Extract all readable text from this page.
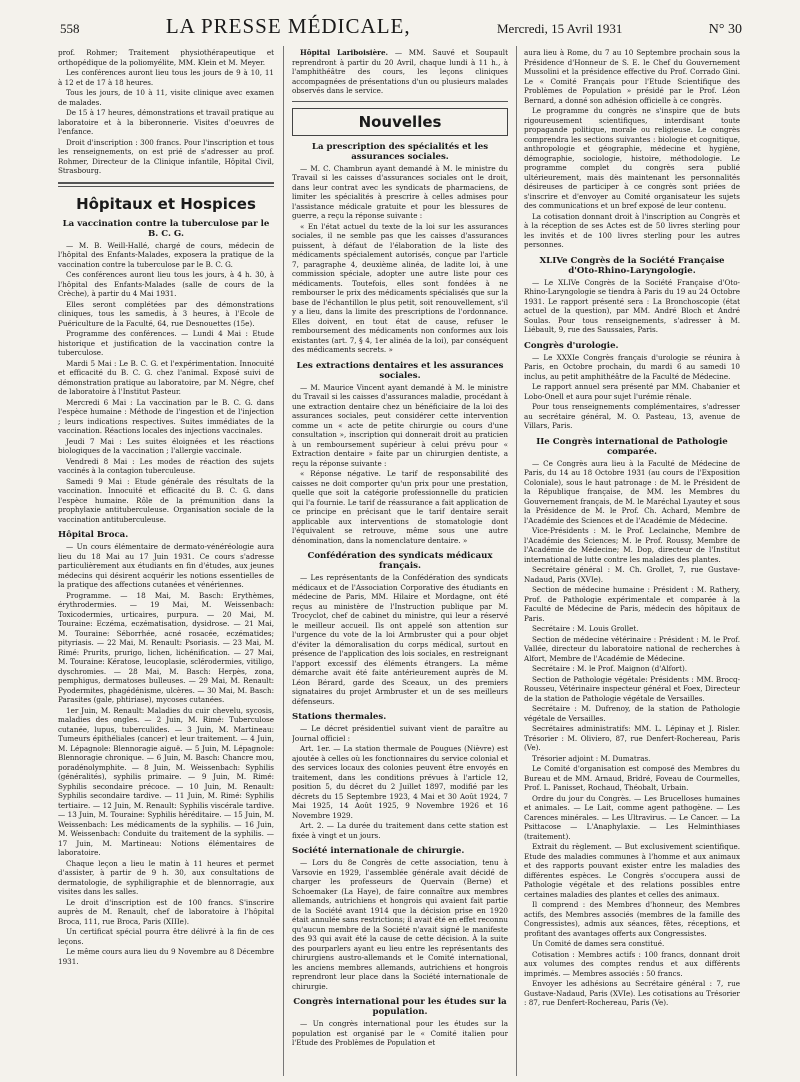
558	LA PRESSE MÉDICALE,	Mercredi, 15 Avril 1931	N° 30

prof. Rohmer; Traitement physiothérapeutique et orthopédique de la poliomyélite, MM. Klein et M. Meyer.

Les conférences auront lieu tous les jours de 9 à 10, 11 à 12 et de 17 à 18 heures.

Tous les jours, de 10 à 11, visite clinique avec examen de malades.

De 15 à 17 heures, démonstrations et travail pratique au laboratoire et à la biberonnerie. Visites d'oeuvres de l'enfance.

Droit d'inscription : 300 francs. Pour l'inscription et tous les renseignements, on est prié de s'adresser au prof. Rohmer, Directeur de la Clinique infantile, Hôpital Civil, Strasbourg.

Hôpitaux et Hospices
La vaccination contre la tuberculose par le B. C. G.

— M. B. Weill-Hallé, chargé de cours, médecin de l'hôpital des Enfants-Malades, exposera la pratique de la vaccination contre la tuberculose par le B. C. G.

Ces conférences auront lieu tous les jours, à 4 h. 30, à l'hôpital des Enfants-Malades (salle de cours de la Crèche), à partir du 4 Mai 1931.

Elles seront complétées par des démonstrations cliniques, tous les samedis, à 3 heures, à l'Ecole de Puériculture de la Faculté, 64, rue Desnouettes (15e).

Programme des conférences. — Lundi 4 Mai : Etude historique et justification de la vaccination contre la tuberculose.

Mardi 5 Mai : Le B. C. G. et l'expérimentation. Innocuité et efficacité du B. C. G. chez l'animal. Exposé suivi de démonstration pratique au laboratoire, par M. Négre, chef de laboratoire à l'Institut Pasteur.

Mercredi 6 Mai : La vaccination par le B. C. G. dans l'espèce humaine : Méthode de l'ingestion et de l'injection ; leurs indications respectives. Suites immédiates de la vaccination. Réactions locales des injections vaccinales.

Jeudi 7 Mai : Les suites éloignées et les réactions biologiques de la vaccination ; l'allergie vaccinale.

Vendredi 8 Mai : Les modes de réaction des sujets vaccinés à la contagion tuberculeuse.

Samedi 9 Mai : Etude générale des résultats de la vaccination. Innocuité et efficacité du B. C. G. dans l'espèce humaine. Rôle de la prémunition dans la prophylaxie antituberculeuse. Organisation sociale de la vaccination antituberculeuse.

Hôpital Broca.

— Un cours élémentaire de dermato-vénéréologie aura lieu du 18 Mai au 17 Juin 1931. Ce cours s'adresse particulièrement aux étudiants en fin d'études, aux jeunes médecins qui désirent acquérir les notions essentielles de la pratique des affections cutanées et vénériennes.

Programme. — 18 Mai, M. Basch: Erythèmes, érythrodermies. — 19 Mai, M. Weissenbach: Toxicodermies, urticaires, purpura. — 20 Mai, M. Touraine: Eczéma, eczématisation, dysidrose. — 21 Mai, M. Touraine: Séborrhée, acné rosacée, eczématides; pityriasis. — 22 Mai, M. Renault: Psoriasis. — 23 Mai, M. Rimé: Prurits, prurigo, lichen, lichénification. — 27 Mai, M. Touraine: Kératose, leucoplasie, sclérodermies, vitiligo, dyschromies. — 28 Mai, M. Basch: Herpès, zona, pemphigus, dermatoses bulleuses. — 29 Mai, M. Renault: Pyodermites, phagédénisme, ulcères. — 30 Mai, M. Basch: Parasites (gale, phtiriase), mycoses cutanées.

1er Juin, M. Renault: Maladies du cuir chevelu, sycosis, maladies des ongles. — 2 Juin, M. Rimé: Tuberculose cutanée, lupus, tuberculides. — 3 Juin, M. Martineau: Tumeurs épithéliales (cancer) et leur traitement. — 4 Juin, M. Lépagnole: Blennoragie aiguë. — 5 Juin, M. Lépagnole: Blennoragie chronique. — 6 Juin, M. Basch: Chancre mou, poradénolymphite. — 8 Juin, M. Weissenbach: Syphilis (généralités), syphilis primaire. — 9 Juin, M. Rimé: Syphilis secondaire précoce. — 10 Juin, M. Renault: Syphilis secondaire tardive. — 11 Juin, M. Rimé: Syphilis tertiaire. — 12 Juin, M. Renault: Syphilis viscérale tardive. — 13 Juin, M. Touraine: Syphilis héréditaire. — 15 Juin, M. Weissenbach: Les médicaments de la syphilis. — 16 Juin, M. Weissenbach: Conduite du traitement de la syphilis. — 17 Juin, M. Martineau: Notions élémentaires de laboratoire.

Chaque leçon a lieu le matin à 11 heures et permet d'assister, à partir de 9 h. 30, aux consultations de dermatologie, de syphiligraphie et de blennorragie, aux visites dans les salles.

Le droit d'inscription est de 100 francs. S'inscrire auprès de M. Renault, chef de laboratoire à l'hôpital Broca, 111, rue Broca, Paris (XIIIe).

Un certificat spécial pourra être délivré à la fin de ces leçons.

Le même cours aura lieu du 9 Novembre au 8 Décembre 1931.

Hôpital Lariboisière. — MM. Sauvé et Soupault reprendront à partir du 20 Avril, chaque lundi à 11 h., à l'amphithéâtre des cours, les leçons cliniques accompagnées de présentations d'un ou plusieurs malades observés dans le service.

Nouvelles
La prescription des spécialités et les assurances sociales.

— M. C. Chambrun ayant demandé à M. le ministre du Travail si les caisses d'assurances sociales ont le droit, dans leur contrat avec les syndicats de pharmaciens, de limiter les spécialités à prescrire à celles admises pour l'assistance médicale gratuite et pour les blessures de guerre, a reçu la réponse suivante :

« En l'état actuel du texte de la loi sur les assurances sociales, il ne semble pas que les caisses d'assurances puissent, à défaut de l'élaboration de la liste des médicaments spécialement autorisés, conçue par l'article 7, paragraphe 4, deuxième alinéa, de ladite loi, à une commission spéciale, adopter une autre liste pour ces médicaments. Toutefois, elles sont fondées à ne rembourser le prix des médicaments spécialisés que sur la base de l'échantillon le plus petit, soit renouvellement, s'il y a lieu, dans la limite des prescriptions de l'ordonnance. Elles doivent, en tout état de cause, refuser le remboursement des médicaments non conformes aux lois existantes (art. 7, § 4, 1er alinéa de la loi), par conséquent des médicaments secrets. »

Les extractions dentaires et les assurances sociales.

— M. Maurice Vincent ayant demandé à M. le ministre du Travail si les caisses d'assurances maladie, procédant à une extraction dentaire chez un bénéficiaire de la loi des assurances sociales, peut considérer cette intervention comme un « acte de petite chirurgie ou cours d'une consultation », inscription qui donnerait droit au praticien à un remboursement supérieur à celui prévu pour « Extraction dentaire » faite par un chirurgien dentiste, a reçu la réponse suivante :

« Réponse négative. Le tarif de responsabilité des caisses ne doit comporter qu'un prix pour une prestation, quelle que soit la catégorie professionnelle du praticien qui l'a fournie. Le tarif de réassurance a fait application de ce principe en précisant que le tarif dentaire serait applicable aux interventions de stomatologie dont l'équivalent se retrouve, même sous une autre dénomination, dans la nomenclature dentaire. »

Confédération des syndicats médicaux français.

— Les représentants de la Confédération des syndicats médicaux et de l'Association Corporative des étudiants en médecine de Paris, MM. Hilaire et Mordagne, ont été reçus au ministère de l'Instruction publique par M. Trocyclot, chef de cabinet du ministre, qui leur a réservé le meilleur accueil. Ils ont appelé son attention sur l'urgence du vote de la loi Armbruster qui a pour objet d'éviter la démoralisation du corps médical, surtout en présence de l'application des lois sociales, en restreignant l'apport excessif des éléments étrangers. La même démarche avait été faite antérieurement auprès de M. Léon Bérard, garde des Sceaux, un des premiers signataires du projet Armbruster et un de ses meilleurs défenseurs.

Stations thermales.

— Le décret présidentiel suivant vient de paraître au Journal officiel :

Art. 1er. — La station thermale de Pougues (Nièvre) est ajoutée à celles où les fonctionnaires du service colonial et des services locaux des colonies peuvent être envoyés en traitement, dans les conditions prévues à l'article 12, position 5, du décret du 2 Juillet 1897, modifié par les décrets du 15 Septembre 1923, 4 Mai et 30 Août 1924, 7 Mai 1925, 14 Août 1925, 9 Novembre 1926 et 16 Novembre 1929.

Art. 2. — La durée du traitement dans cette station est fixée à vingt et un jours.

Société internationale de chirurgie.

— Lors du 8e Congrès de cette association, tenu à Varsovie en 1929, l'assemblée générale avait décidé de charger les professeurs de Quervain (Berne) et Schoemaker (La Haye), de faire connaître aux membres allemands, autrichiens et hongrois qui avaient fait partie de la Société avant 1914 que la décision prise en 1920 était annulée sans restrictions; il avait été en effet reconnu qu'aucun membre de la Société n'avait signé le manifeste des 93 qui avait été la cause de cette décision. À la suite des pourparlers ayant eu lieu entre les représentants des chirurgiens austro-allemands et le Comité international, les anciens membres allemands, autrichiens et hongrois reprendront leur place dans la Société internationale de chirurgie.

Congrès international pour les études sur la population.

— Un congrès international pour les études sur la population est organisé par le « Comité italien pour l'Etude des Problèmes de Population et

aura lieu à Rome, du 7 au 10 Septembre prochain sous la Présidence d'Honneur de S. E. le Chef du Gouvernement Mussolini et la présidence effective du Prof. Corrado Gini. Le « Comité Français pour l'Etude Scientifique des Problèmes de Population » présidé par le Prof. Léon Bernard, a donné son adhésion officielle à ce congrès.

Le programme du congrès ne s'inspire que de buts rigoureusement scientifiques, interdisant toute propagande politique, morale ou religieuse. Le congrès comprendra les sections suivantes : biologie et cognitique, anthropologie et géographie, médecine et hygiène, démographie, sociologie, histoire, méthodologie. Le programme complet du congrès sera publié ultérieurement, mais dès maintenant les personnalités désireuses de participer à ce congrès sont priées de s'inscrire et d'envoyer au Comité organisateur les sujets des communications et un bref exposé de leur contenu.

La cotisation donnant droit à l'inscription au Congrès et à la réception de ses Actes est de 50 livres sterling pour les invités et de 100 livres sterling pour les autres personnes.

XLIVe Congrès de la Société Française d'Oto-Rhino-Laryngologie.

— Le XLIVe Congrès de la Société Française d'Oto-Rhino-Laryngologie se tiendra à Paris du 19 au 24 Octobre 1931. Le rapport présenté sera : La Bronchoscopie (état actuel de la question), par MM. André Bloch et André Soulas. Pour tous renseignements, s'adresser à M. Liébault, 9, rue des Saussaies, Paris.

Congrès d'urologie.

— Le XXXIe Congrès français d'urologie se réunira à Paris, en Octobre prochain, du mardi 6 au samedi 10 inclus, au petit amphithéâtre de la Faculté de Médecine.

Le rapport annuel sera présenté par MM. Chabanier et Lobo-Onell et aura pour sujet l'urémie rénale.

Pour tous renseignements complémentaires, s'adresser au secrétaire général, M. O. Pasteau, 13, avenue de Villars, Paris.

IIe Congrès international de Pathologie comparée.

— Ce Congrès aura lieu à la Faculté de Médecine de Paris, du 14 au 18 Octobre 1931 (au cours de l'Exposition Coloniale), sous le haut patronage : de M. le Président de la République française, de MM. les Membres du Gouvernement français, de M. le Maréchal Lyautey et sous la Présidence de M. le Prof. Ch. Achard, Membre de l'Académie des Sciences et de l'Académie de Médecine.

Vice-Présidents : M. le Prof. Leclainche, Membre de l'Académie des Sciences; M. le Prof. Roussy, Membre de l'Académie de Médecine; M. Dop, directeur de l'Institut international de lutte contre les maladies des plantes.

Secrétaire général : M. Ch. Grollet, 7, rue Gustave-Nadaud, Paris (XVIe).

Section de médecine humaine : Président : M. Rathery, Prof. de Pathologie expérimentale et comparée à la Faculté de Médecine de Paris, médecin des hôpitaux de Paris.

Secrétaire : M. Louis Grollet.

Section de médecine vétérinaire : Président : M. le Prof. Vallée, directeur du laboratoire national de recherches à Alfort, Membre de l'Académie de Médecine.

Secrétaire : M. le Prof. Maignon (d'Alfort).

Section de Pathologie végétale: Présidents : MM. Brocq-Rousseu, Vétérinaire inspecteur général et Foex, Directeur de la station de Pathologie végétale de Versailles.

Secrétaire : M. Dufrenoy, de la station de Pathologie végétale de Versailles.

Secrétaires administratifs: MM. L. Lépinay et J. Risler. Trésorier : M. Oliviero, 87, rue Denfert-Rochereau, Paris (Ve).

Trésorier adjoint : M. Dumatras.

Le Comité d'organisation est composé des Membres du Bureau et de MM. Arnaud, Bridré, Foveau de Courmelles, Prof. L. Panisset, Rochaud, Théobalt, Urbain.

Ordre du jour du Congrès. — Les Brucelloses humaines et animales. — Le Lait, comme agent pathogène. — Les Carences minérales. — Les Ultravirus. — Le Cancer. — La Psittacose — L'Anaphylaxie. — Les Helminthiases (traitement).

Extrait du règlement. — But exclusivement scientifique. Etude des maladies communes à l'homme et aux animaux et des rapports pouvant exister entre les maladies des différentes espèces. Le Congrès s'occupera aussi de Pathologie végétale et des relations possibles entre certaines maladies des plantes et celles des animaux.

Il comprend : des Membres d'honneur, des Membres actifs, des Membres associés (membres de la famille des Congressistes), admis aux séances, fêtes, réceptions, et profitant des avantages offerts aux Congressistes.

Un Comité de dames sera constitué.

Cotisation : Membres actifs : 100 francs, donnant droit aux volumes des comptes rendus et aux différents imprimés. — Membres associés : 50 francs.

Envoyer les adhésions au Secrétaire général : 7, rue Gustave-Nadaud, Paris (XVIe). Les cotisations au Trésorier : 87, rue Denfert-Rochereau, Paris (Ve).
